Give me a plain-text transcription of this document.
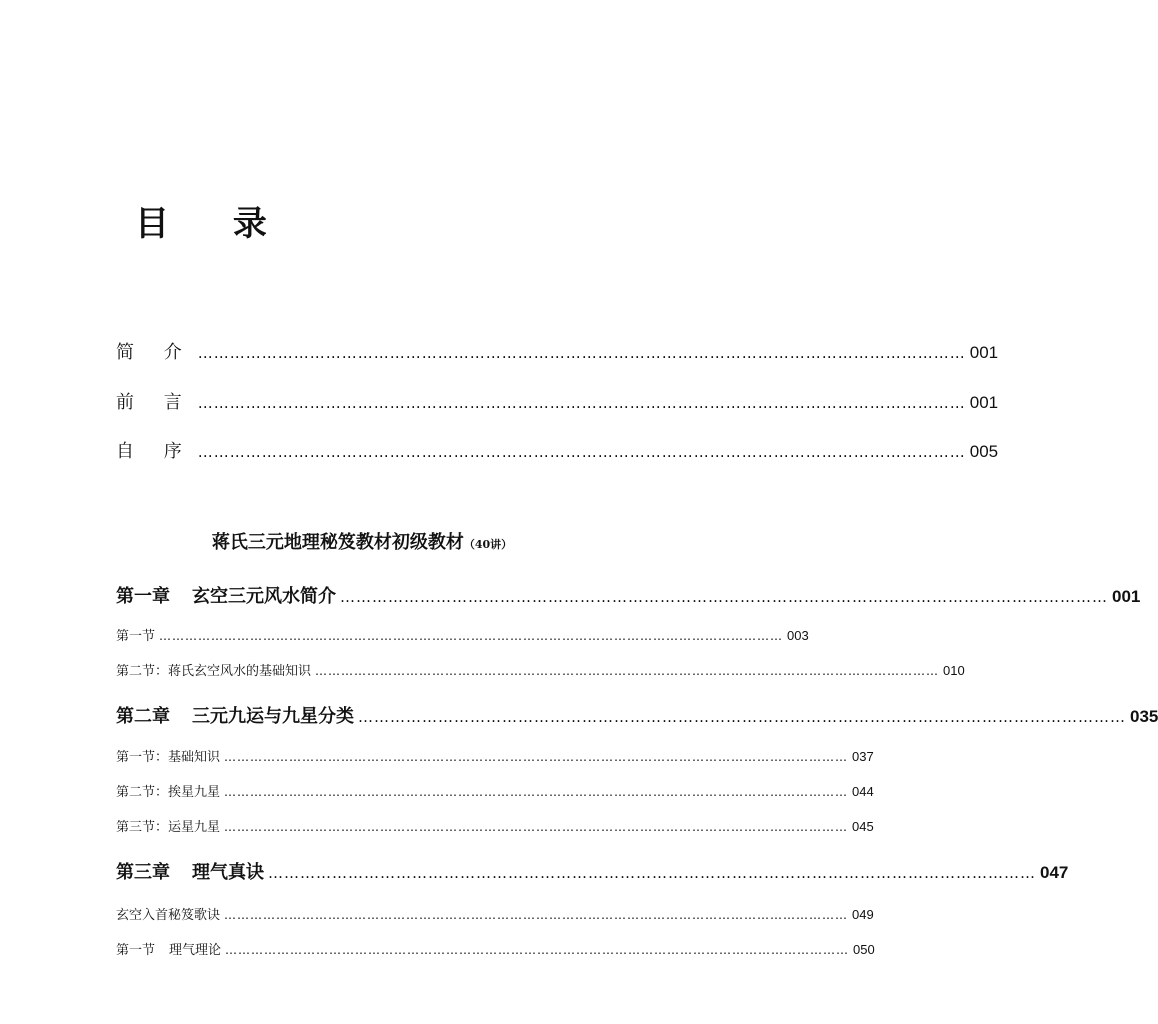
目 录
简 介 ……………………………………………………………………………………………………………………………… 001
前 言 ……………………………………………………………………………………………………………………………… 001
自 序 ……………………………………………………………………………………………………………………………… 005
蒋氏三元地理秘笈教材初级教材（40讲）
第一章 玄空三元风水简介 ……………………………………………………………………………………………………………………………… 001
第一节 ……………………………………………………………………………………………………………………………… 003
第二节：蒋氏玄空风水的基础知识 ……………………………………………………………………………………………………………………………… 010
第二章 三元九运与九星分类 ……………………………………………………………………………………………………………………………… 035
第一节：基础知识 ……………………………………………………………………………………………………………………………… 037
第二节：挨星九星 ……………………………………………………………………………………………………………………………… 044
第三节：运星九星 ……………………………………………………………………………………………………………………………… 045
第三章 理气真诀 ……………………………………………………………………………………………………………………………… 047
玄空入首秘笈歌诀 ……………………………………………………………………………………………………………………………… 049
第一节 理气理论 ……………………………………………………………………………………………………………………………… 050
